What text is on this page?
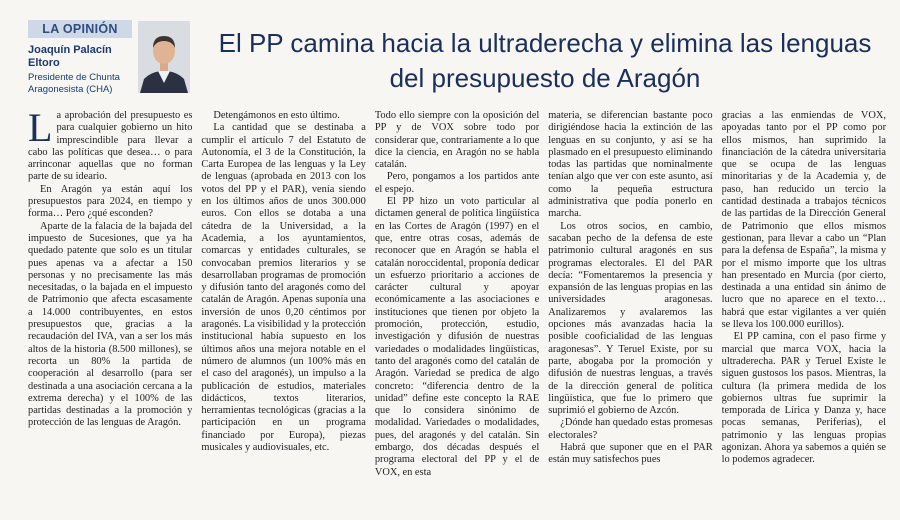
LA OPINIÓN
Joaquín Palacín Eltoro
Presidente de Chunta Aragonesista (CHA)
El PP camina hacia la ultraderecha y elimina las lenguas del presupuesto de Aragón

La aprobación del presupuesto es para cualquier gobierno un hito imprescindible para llevar a cabo las políticas que desea… o para arrinconar aquellas que no forman parte de su ideario.

En Aragón ya están aquí los presupuestos para 2024, en tiempo y forma… Pero ¿qué esconden?

Aparte de la falacia de la bajada del impuesto de Sucesiones, que ya ha quedado patente que solo es un titular pues apenas va a afectar a 150 personas y no precisamente las más necesitadas, o la bajada en el impuesto de Patrimonio que afecta escasamente a 14.000 contribuyentes, en estos presupuestos que, gracias a la recaudación del IVA, van a ser los más altos de la historia (8.500 millones), se recorta un 80% la partida de cooperación al desarrollo (para ser destinada a una asociación cercana a la extrema derecha) y el 100% de las partidas destinadas a la promoción y protección de las lenguas de Aragón.

Detengámonos en esto último.

La cantidad que se destinaba a cumplir el artículo 7 del Estatuto de Autonomía, el 3 de la Constitución, la Carta Europea de las lenguas y la Ley de lenguas (aprobada en 2013 con los votos del PP y el PAR), venía siendo en los últimos años de unos 300.000 euros. Con ellos se dotaba a una cátedra de la Universidad, a la Academia, a los ayuntamientos, comarcas y entidades culturales, se convocaban premios literarios y se desarrollaban programas de promoción y difusión tanto del aragonés como del catalán de Aragón. Apenas suponía una inversión de unos 0,20 céntimos por aragonés. La visibilidad y la protección institucional había supuesto en los últimos años una mejora notable en el número de alumnos (un 100% más en el caso del aragonés), un impulso a la publicación de estudios, materiales didácticos, textos literarios, herramientas tecnológicas (gracias a la participación en un programa financiado por Europa), piezas musicales y audiovisuales, etc.

Todo ello siempre con la oposición del PP y de VOX sobre todo por considerar que, contrariamente a lo que dice la ciencia, en Aragón no se habla catalán.

Pero, pongamos a los partidos ante el espejo.

El PP hizo un voto particular al dictamen general de política lingüística en las Cortes de Aragón (1997) en el que, entre otras cosas, además de reconocer que en Aragón se habla el catalán noroccidental, proponía dedicar un esfuerzo prioritario a acciones de carácter cultural y apoyar económicamente a las asociaciones e instituciones que tienen por objeto la promoción, protección, estudio, investigación y difusión de nuestras variedades o modalidades lingüísticas, tanto del aragonés como del catalán de Aragón. Variedad se predica de algo concreto: “diferencia dentro de la unidad” define este concepto la RAE que lo considera sinónimo de modalidad. Variedades o modalidades, pues, del aragonés y del catalán. Sin embargo, dos décadas después el programa electoral del PP y el de VOX, en esta

materia, se diferencian bastante poco dirigiéndose hacia la extinción de las lenguas en su conjunto, y así se ha plasmado en el presupuesto eliminando todas las partidas que nominalmente tenían algo que ver con este asunto, así como la pequeña estructura administrativa que podía ponerlo en marcha.

Los otros socios, en cambio, sacaban pecho de la defensa de este patrimonio cultural aragonés en sus programas electorales. El del PAR decía: “Fomentaremos la presencia y expansión de las lenguas propias en las universidades aragonesas. Analizaremos y avalaremos las opciones más avanzadas hacia la posible cooficialidad de las lenguas aragonesas”. Y Teruel Existe, por su parte, abogaba por la promoción y difusión de nuestras lenguas, a través de la dirección general de política lingüística, que fue lo primero que suprimió el gobierno de Azcón.

¿Dónde han quedado estas promesas electorales?

Habrá que suponer que en el PAR están muy satisfechos pues

gracias a las enmiendas de VOX, apoyadas tanto por el PP como por ellos mismos, han suprimido la financiación de la cátedra universitaria que se ocupa de las lenguas minoritarias y de la Academia y, de paso, han reducido un tercio la cantidad destinada a trabajos técnicos de las partidas de la Dirección General de Patrimonio que ellos mismos gestionan, para llevar a cabo un “Plan para la defensa de España”, la misma y por el mismo importe que los ultras han presentado en Murcia (por cierto, destinada a una entidad sin ánimo de lucro que no aparece en el texto… habrá que estar vigilantes a ver quién se lleva los 100.000 eurillos).

El PP camina, con el paso firme y marcial que marca VOX, hacia la ultraderecha. PAR y Teruel Existe le siguen gustosos los pasos. Mientras, la cultura (la primera medida de los gobiernos ultras fue suprimir la temporada de Lírica y Danza y, hace pocas semanas, Periferias), el patrimonio y las lenguas propias agonizan. Ahora ya sabemos a quién se lo podemos agradecer.
